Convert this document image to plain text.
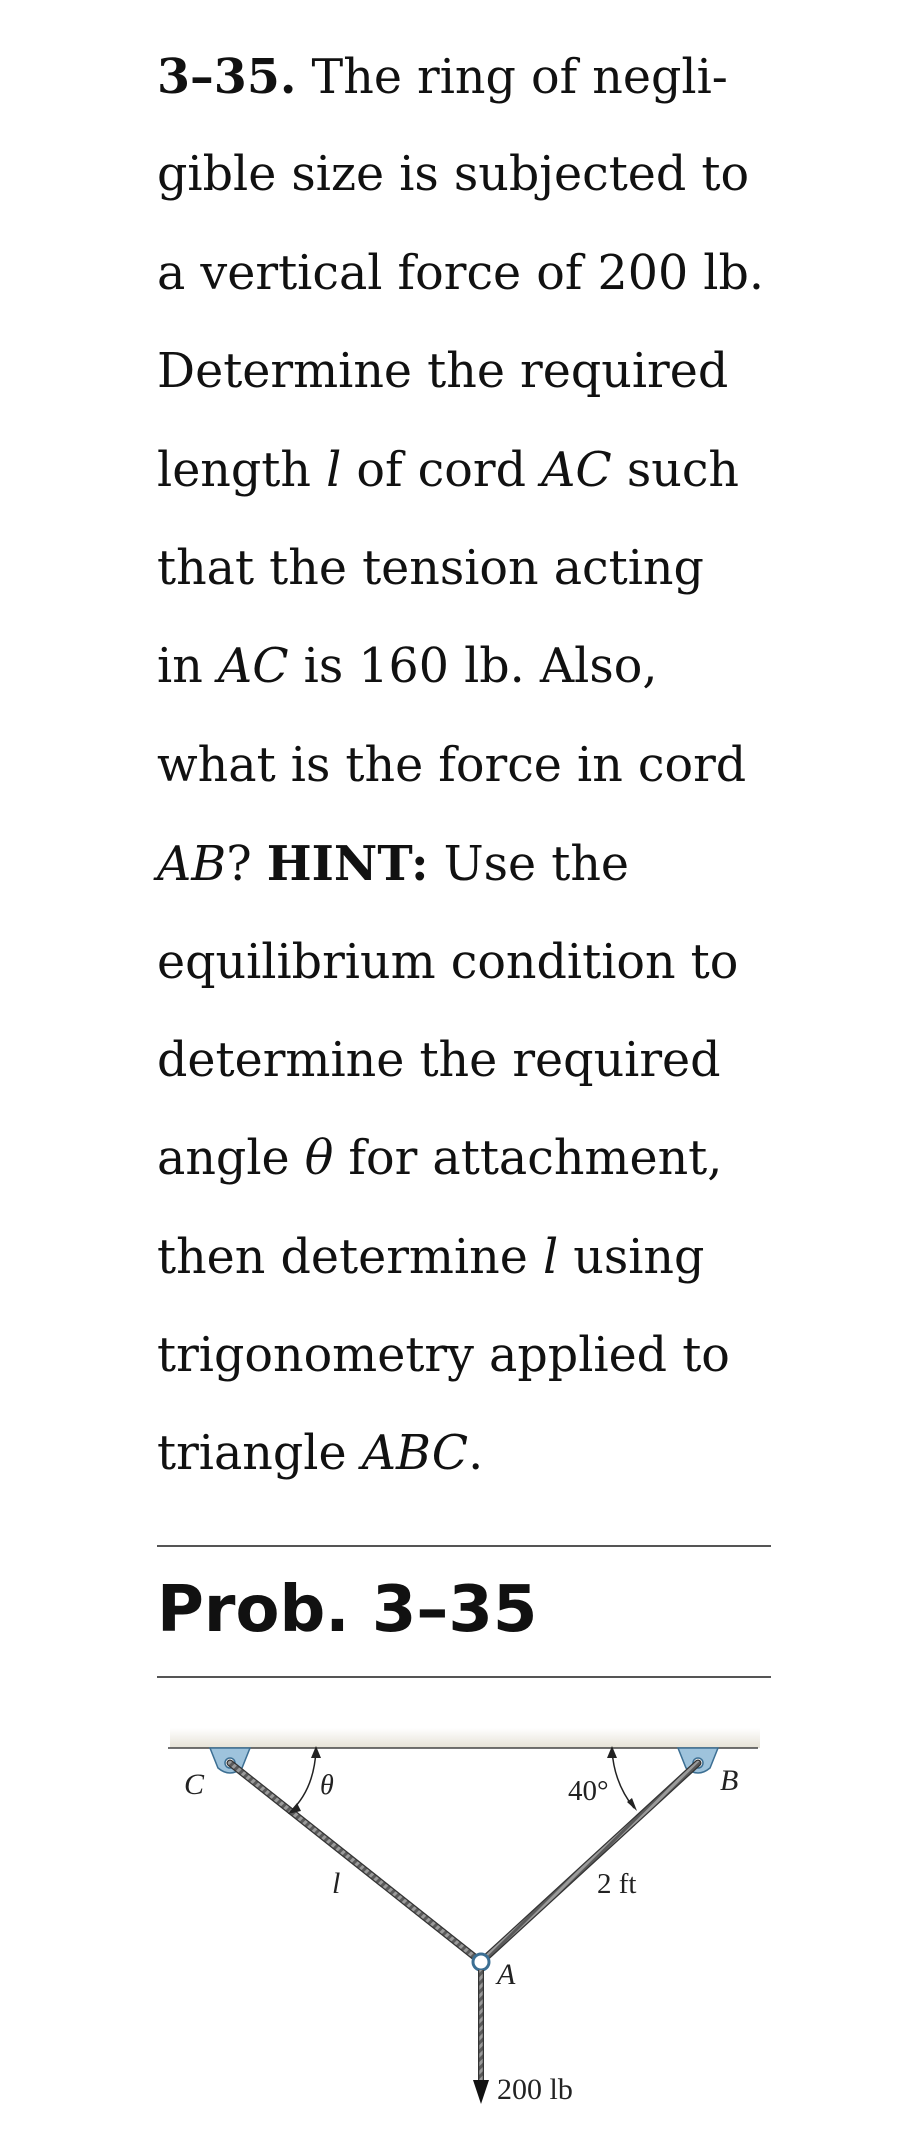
3–35. The ring of negli-
gible size is subjected to
a vertical force of 200 lb.
Determine the required
length l of cord AC such
that the tension acting
in AC is 160 lb. Also,
what is the force in cord
AB? HINT: Use the
equilibrium condition to
determine the required
angle θ for attachment,
then determine l using
trigonometry applied to
triangle ABC.
Prob. 3–35
C	B
A
θ
l
40°
2 ft
200 lb
